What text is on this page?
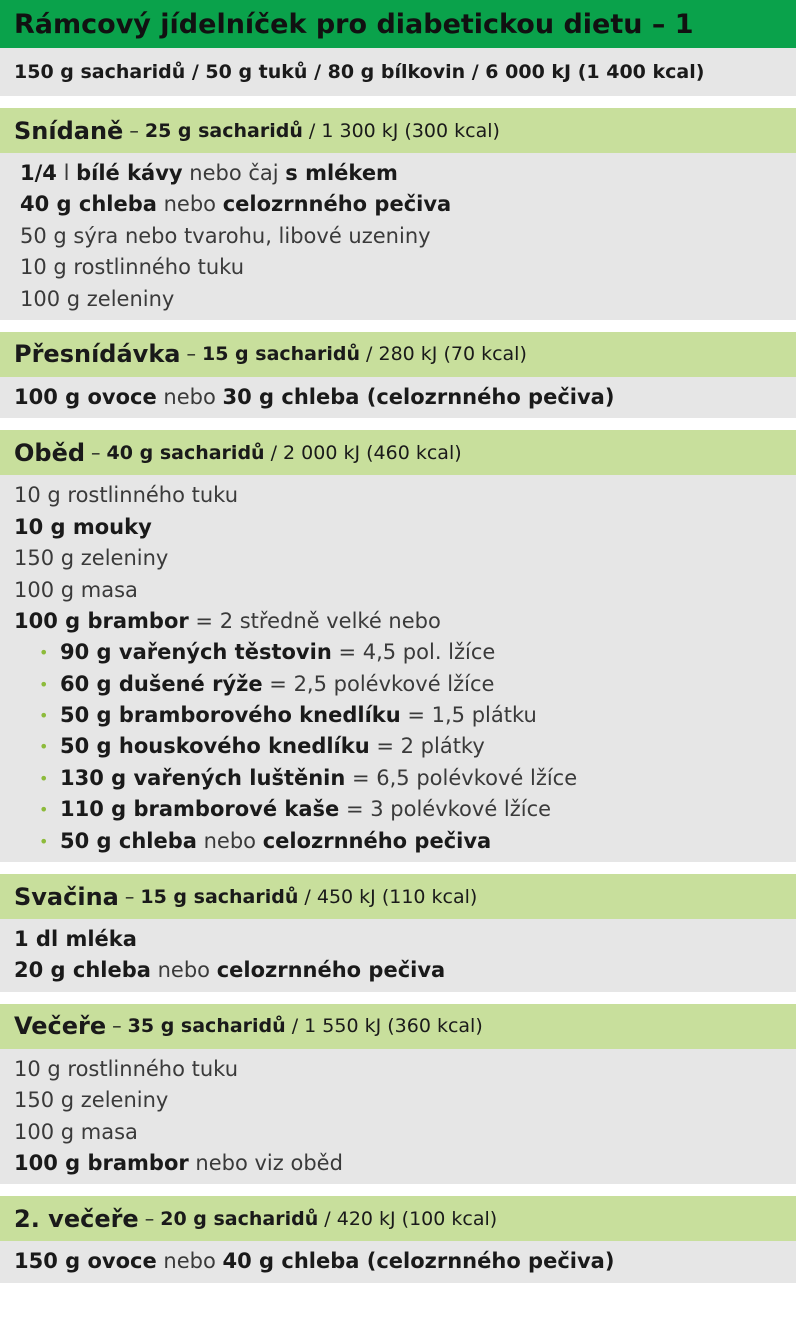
Rámcový jídelníček pro diabetickou dietu – 1
150 g sacharidů / 50 g tuků / 80 g bílkovin / 6 000 kJ (1 400 kcal)
Snídaně – 25 g sacharidů / 1 300 kJ (300 kcal)
1/4 l bílé kávy nebo čaj s mlékem
40 g chleba nebo celozrnného pečiva
50 g sýra nebo tvarohu, libové uzeniny
10 g rostlinného tuku
100 g zeleniny
Přesnídávka – 15 g sacharidů / 280 kJ (70 kcal)
100 g ovoce nebo 30 g chleba (celozrnného pečiva)
Oběd – 40 g sacharidů / 2 000 kJ (460 kcal)
10 g rostlinného tuku
10 g mouky
150 g zeleniny
100 g masa
100 g brambor = 2 středně velké nebo
• 90 g vařených těstovin = 4,5 pol. lžíce
• 60 g dušené rýže = 2,5 polévkové lžíce
• 50 g bramborového knedlíku = 1,5 plátku
• 50 g houskového knedlíku = 2 plátky
• 130 g vařených luštěnin = 6,5 polévkové lžíce
• 110 g bramborové kaše = 3 polévkové lžíce
• 50 g chleba nebo celozrnného pečiva
Svačina – 15 g sacharidů / 450 kJ (110 kcal)
1 dl mléka
20 g chleba nebo celozrnného pečiva
Večeře – 35 g sacharidů / 1 550 kJ (360 kcal)
10 g rostlinného tuku
150 g zeleniny
100 g masa
100 g brambor nebo viz oběd
2. večeře – 20 g sacharidů / 420 kJ (100 kcal)
150 g ovoce nebo 40 g chleba (celozrnného pečiva)
